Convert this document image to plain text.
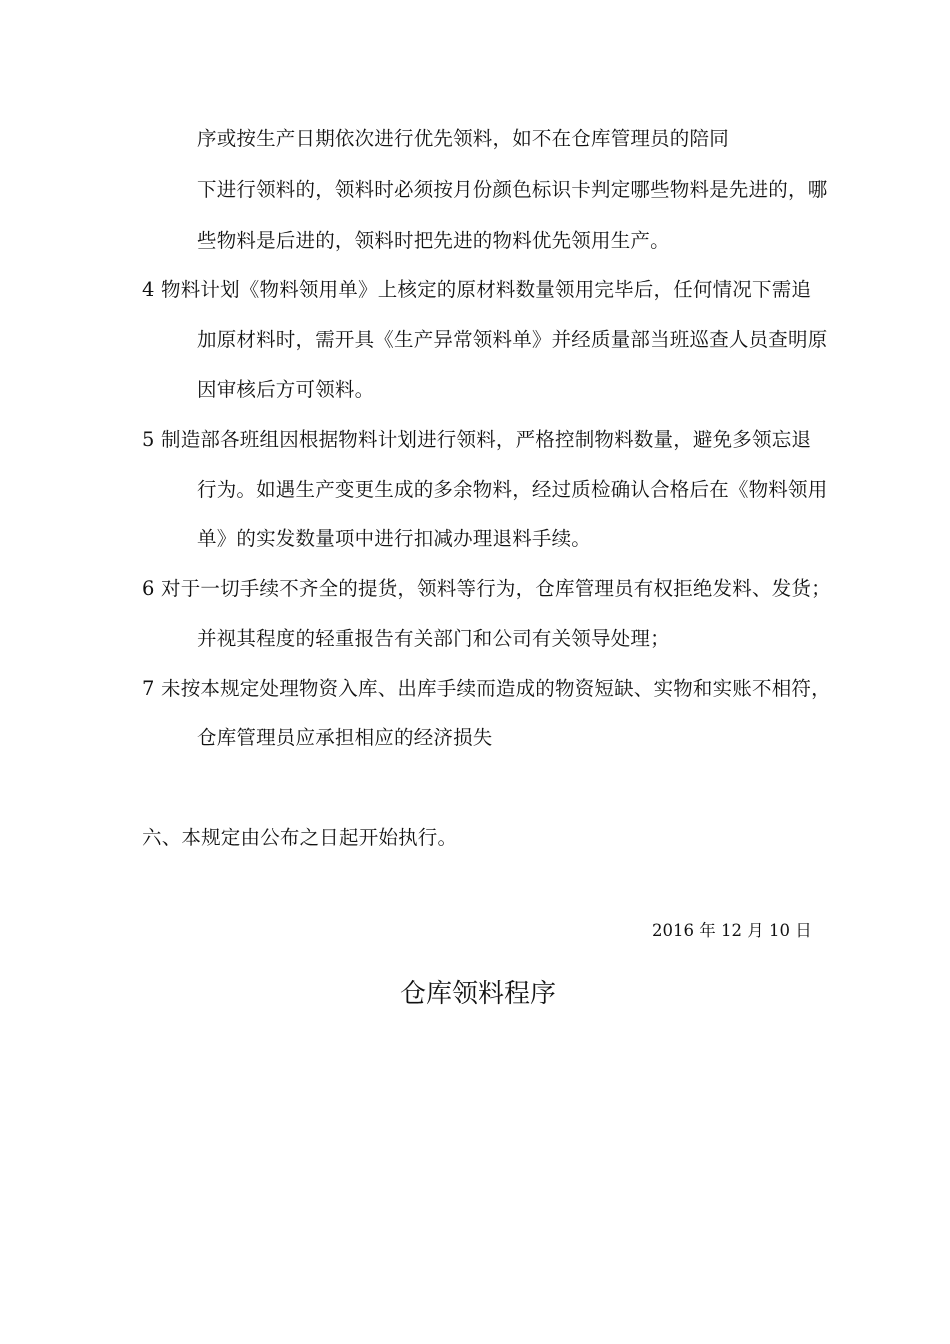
序或按生产日期依次进行优先领料，如不在仓库管理员的陪同
下进行领料的，领料时必须按月份颜色标识卡判定哪些物料是先进的，哪
些物料是后进的，领料时把先进的物料优先领用生产。
4 物料计划《物料领用单》上核定的原材料数量领用完毕后，任何情况下需追
加原材料时，需开具《生产异常领料单》并经质量部当班巡查人员查明原
因审核后方可领料。
5 制造部各班组因根据物料计划进行领料，严格控制物料数量，避免多领忘退
行为。如遇生产变更生成的多余物料，经过质检确认合格后在《物料领用
单》的实发数量项中进行扣减办理退料手续。
6 对于一切手续不齐全的提货，领料等行为，仓库管理员有权拒绝发料、发货；
并视其程度的轻重报告有关部门和公司有关领导处理；
7 未按本规定处理物资入库、出库手续而造成的物资短缺、实物和实账不相符，
仓库管理员应承担相应的经济损失
六、本规定由公布之日起开始执行。
2016 年 12 月 10 日
仓库领料程序
